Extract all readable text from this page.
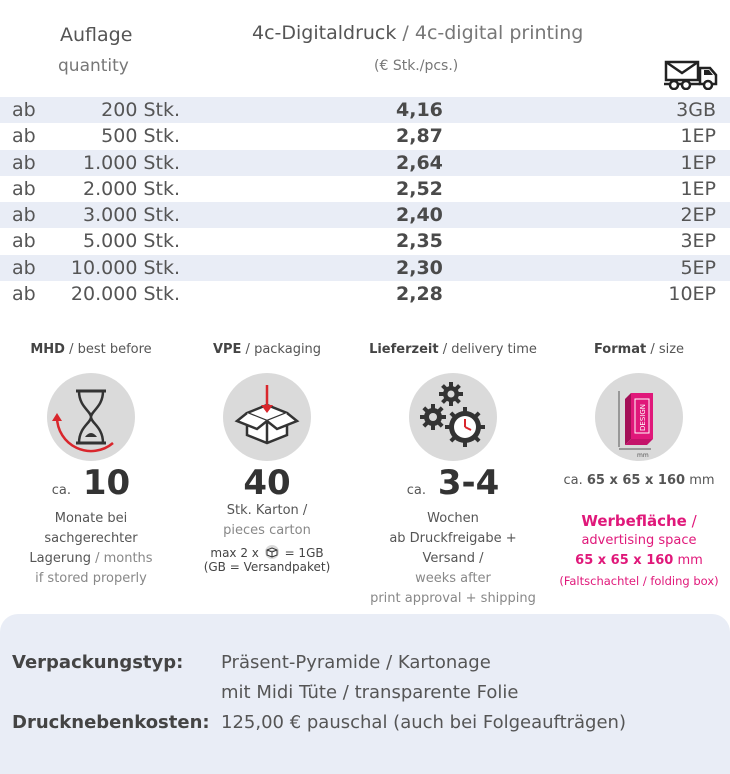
Auflage
quantity
4c-Digitaldruck / 4c-digital printing
(€ Stk./pcs.)
ab	200 Stk.	4,16	3GB
ab	500 Stk.	2,87	1EP
ab 1.000 Stk.	2,64	1EP
ab 2.000 Stk.	2,52	1EP
ab 3.000 Stk.	2,40	2EP
ab 5.000 Stk.	2,35	3EP
ab 10.000 Stk.	2,30	5EP
ab 20.000 Stk.	2,28	10EP
MHD / best before
ca. 10
Monate bei
sachgerechter
Lagerung / months
if stored properly
VPE / packaging
40
Stk. Karton /
pieces carton
max 2 x = 1GB
(GB = Versandpaket)
Lieferzeit / delivery time
ca. 3-4
Wochen
ab Druckfreigabe + Versand /
weeks after
print approval + shipping
Format / size
DESIGN
mm
ca. 65 x 65 x 160 mm
Werbefläche /
advertising space
65 x 65 x 160 mm
(Faltschachtel / folding box)
Verpackungstyp: Präsent-Pyramide / Kartonage
mit Midi Tüte / transparente Folie
Drucknebenkosten: 125,00 € pauschal (auch bei Folgeaufträgen)
